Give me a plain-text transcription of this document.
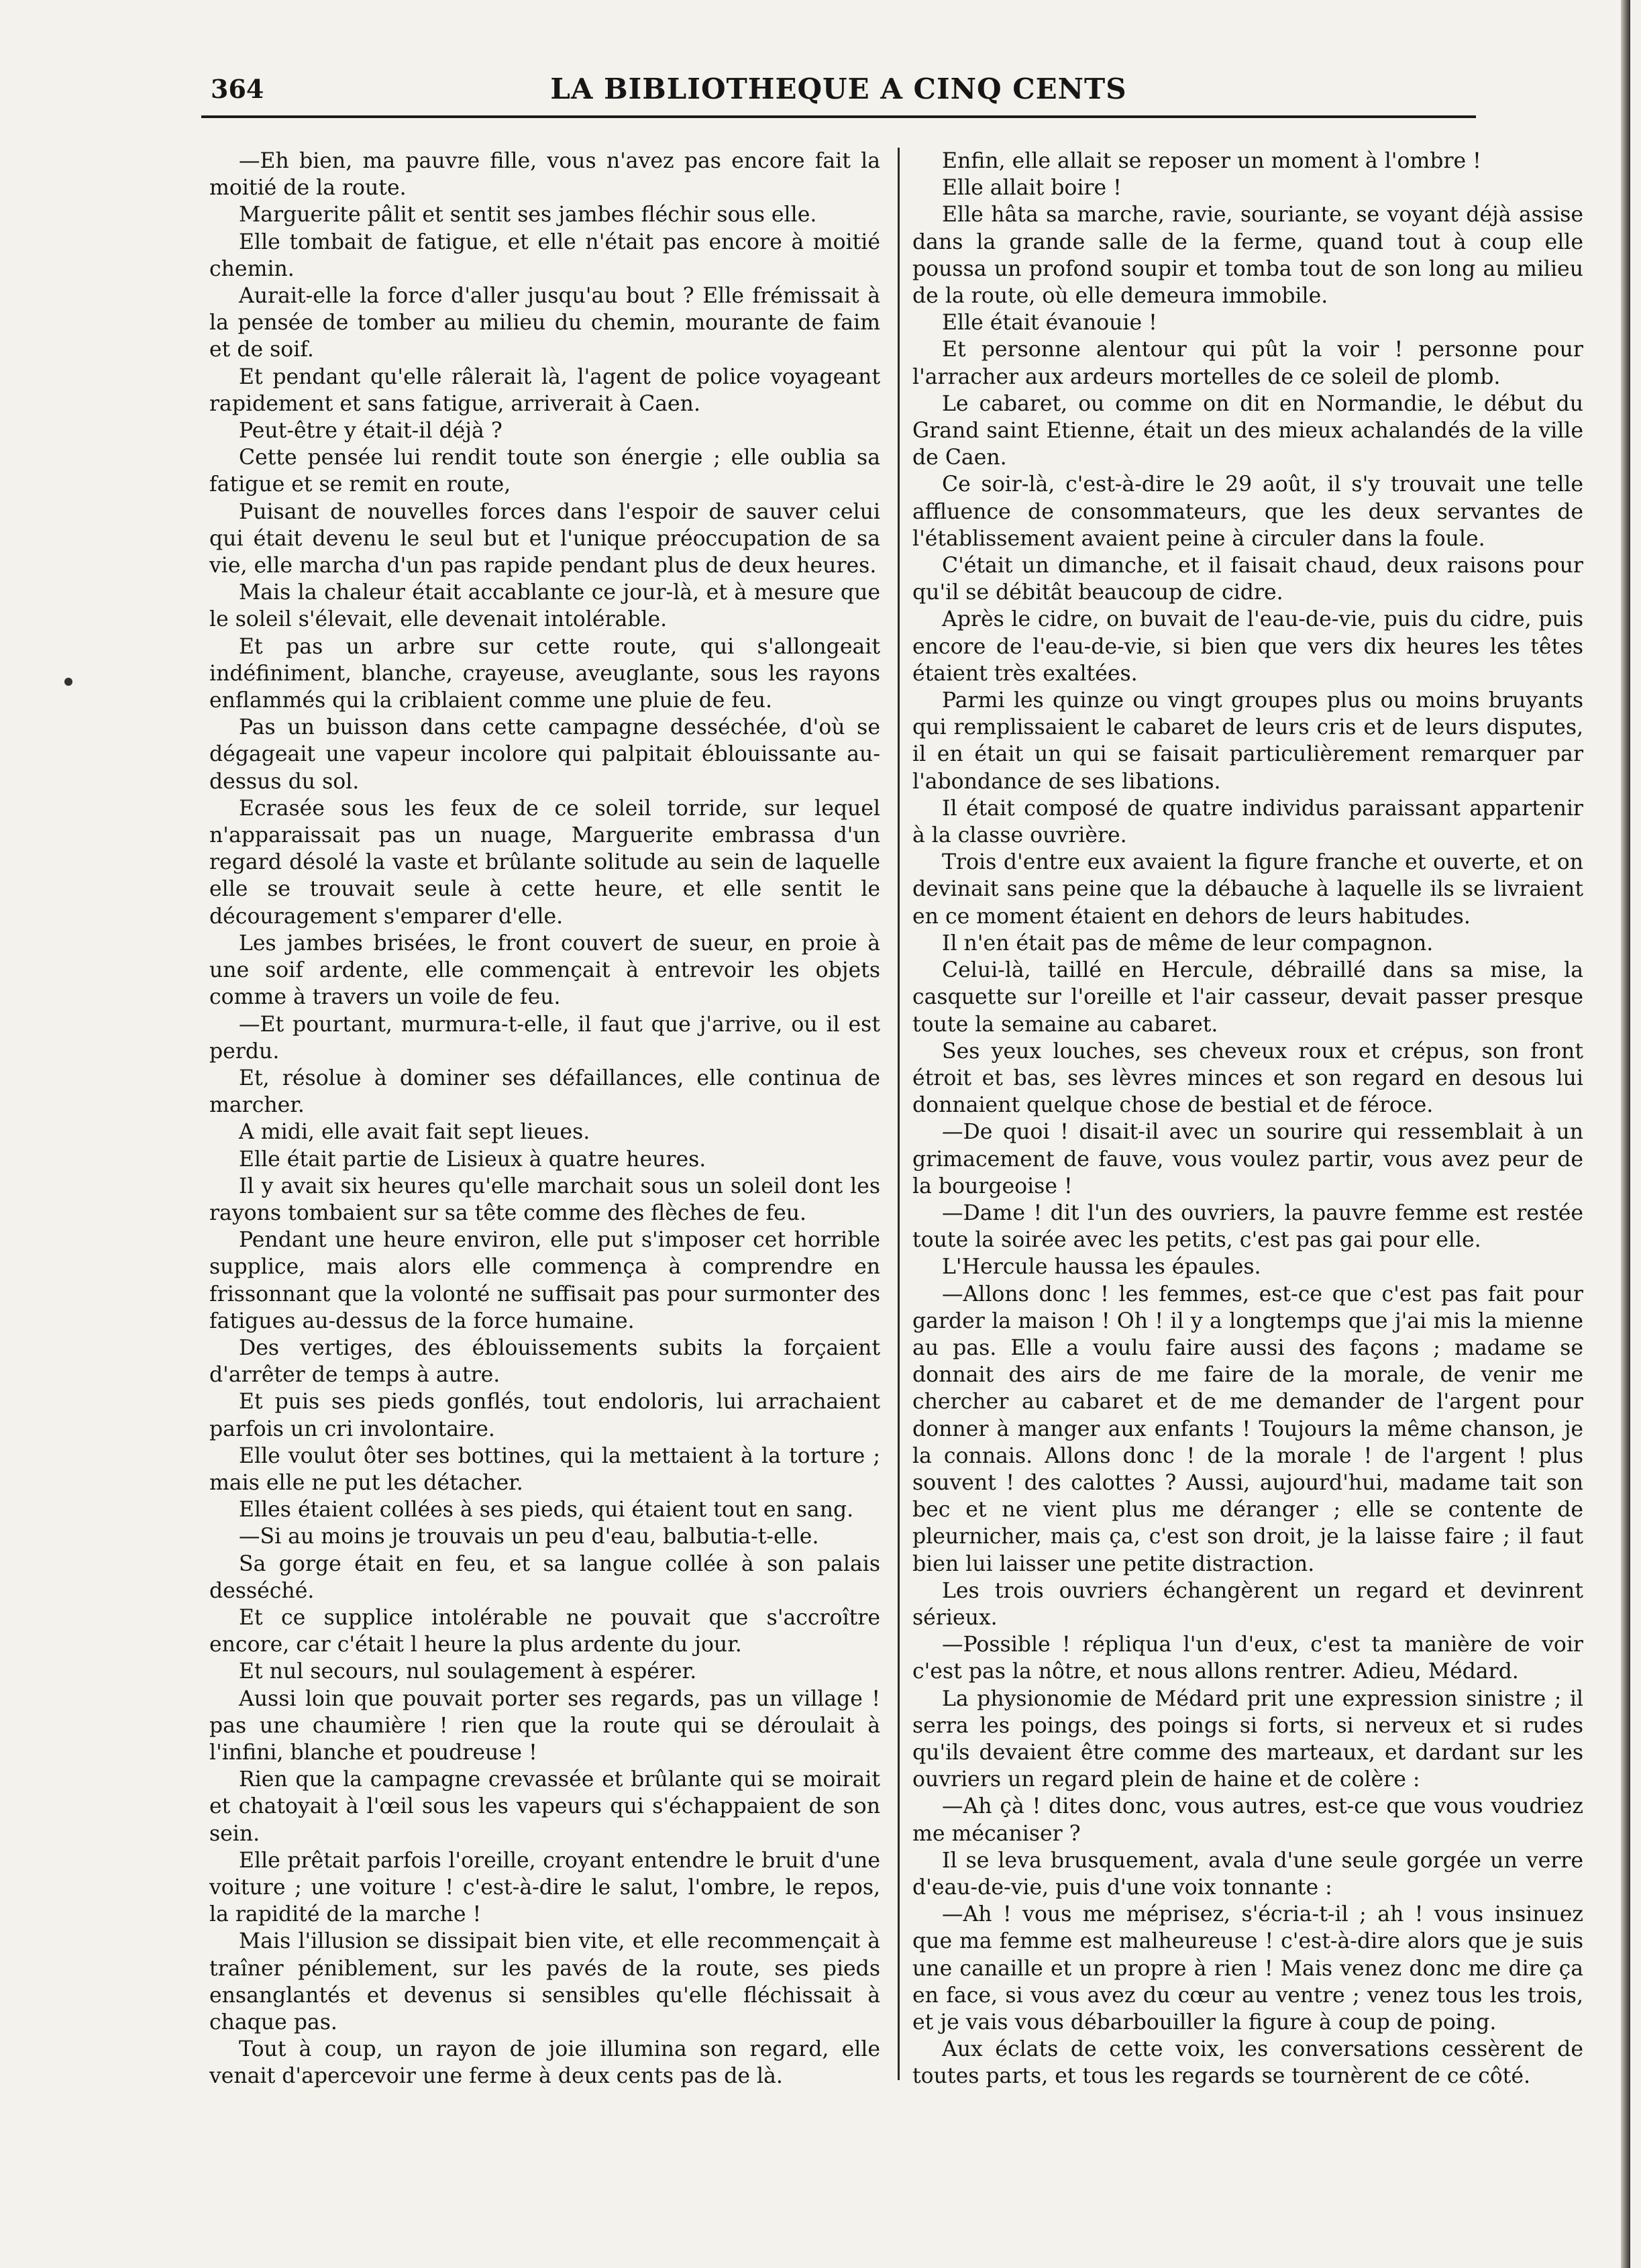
364	LA BIBLIOTHEQUE A CINQ CENTS

—Eh bien, ma pauvre fille, vous n'avez pas encore fait la moitié de la route.

Marguerite pâlit et sentit ses jambes fléchir sous elle.

Elle tombait de fatigue, et elle n'était pas encore à moitié chemin.

Aurait-elle la force d'aller jusqu'au bout ? Elle frémissait à la pensée de tomber au milieu du chemin, mourante de faim et de soif.

Et pendant qu'elle râlerait là, l'agent de police voyageant rapidement et sans fatigue, arriverait à Caen.

Peut-être y était-il déjà ?

Cette pensée lui rendit toute son énergie ; elle oublia sa fatigue et se remit en route,

Puisant de nouvelles forces dans l'espoir de sauver celui qui était devenu le seul but et l'unique préoccupation de sa vie, elle marcha d'un pas rapide pendant plus de deux heures.

Mais la chaleur était accablante ce jour-là, et à mesure que le soleil s'élevait, elle devenait intolérable.

Et pas un arbre sur cette route, qui s'allongeait indéfiniment, blanche, crayeuse, aveuglante, sous les rayons enflammés qui la criblaient comme une pluie de feu.

Pas un buisson dans cette campagne desséchée, d'où se dégageait une vapeur incolore qui palpitait éblouissante au-dessus du sol.

Ecrasée sous les feux de ce soleil torride, sur lequel n'apparaissait pas un nuage, Marguerite embrassa d'un regard désolé la vaste et brûlante solitude au sein de laquelle elle se trouvait seule à cette heure, et elle sentit le découragement s'emparer d'elle.

Les jambes brisées, le front couvert de sueur, en proie à une soif ardente, elle commençait à entrevoir les objets comme à travers un voile de feu.

—Et pourtant, murmura-t-elle, il faut que j'arrive, ou il est perdu.

Et, résolue à dominer ses défaillances, elle continua de marcher.

A midi, elle avait fait sept lieues.

Elle était partie de Lisieux à quatre heures.

Il y avait six heures qu'elle marchait sous un soleil dont les rayons tombaient sur sa tête comme des flèches de feu.

Pendant une heure environ, elle put s'imposer cet horrible supplice, mais alors elle commença à comprendre en frissonnant que la volonté ne suffisait pas pour surmonter des fatigues au-dessus de la force humaine.

Des vertiges, des éblouissements subits la forçaient d'arrêter de temps à autre.

Et puis ses pieds gonflés, tout endoloris, lui arrachaient parfois un cri involontaire.

Elle voulut ôter ses bottines, qui la mettaient à la torture ; mais elle ne put les détacher.

Elles étaient collées à ses pieds, qui étaient tout en sang.

—Si au moins je trouvais un peu d'eau, balbutia-t-elle.

Sa gorge était en feu, et sa langue collée à son palais desséché.

Et ce supplice intolérable ne pouvait que s'accroître encore, car c'était l heure la plus ardente du jour.

Et nul secours, nul soulagement à espérer.

Aussi loin que pouvait porter ses regards, pas un village ! pas une chaumière ! rien que la route qui se déroulait à l'infini, blanche et poudreuse !

Rien que la campagne crevassée et brûlante qui se moirait et chatoyait à l'œil sous les vapeurs qui s'échappaient de son sein.

Elle prêtait parfois l'oreille, croyant entendre le bruit d'une voiture ; une voiture ! c'est-à-dire le salut, l'ombre, le repos, la rapidité de la marche !

Mais l'illusion se dissipait bien vite, et elle recommençait à traîner péniblement, sur les pavés de la route, ses pieds ensanglantés et devenus si sensibles qu'elle fléchissait à chaque pas.

Tout à coup, un rayon de joie illumina son regard, elle venait d'apercevoir une ferme à deux cents pas de là.

Enfin, elle allait se reposer un moment à l'ombre !

Elle allait boire !

Elle hâta sa marche, ravie, souriante, se voyant déjà assise dans la grande salle de la ferme, quand tout à coup elle poussa un profond soupir et tomba tout de son long au milieu de la route, où elle demeura immobile.

Elle était évanouie !

Et personne alentour qui pût la voir ! personne pour l'arracher aux ardeurs mortelles de ce soleil de plomb.

Le cabaret, ou comme on dit en Normandie, le début du Grand saint Etienne, était un des mieux achalandés de la ville de Caen.

Ce soir-là, c'est-à-dire le 29 août, il s'y trouvait une telle affluence de consommateurs, que les deux servantes de l'établissement avaient peine à circuler dans la foule.

C'était un dimanche, et il faisait chaud, deux raisons pour qu'il se débitât beaucoup de cidre.

Après le cidre, on buvait de l'eau-de-vie, puis du cidre, puis encore de l'eau-de-vie, si bien que vers dix heures les têtes étaient très exaltées.

Parmi les quinze ou vingt groupes plus ou moins bruyants qui remplissaient le cabaret de leurs cris et de leurs disputes, il en était un qui se faisait particulièrement remarquer par l'abondance de ses libations.

Il était composé de quatre individus paraissant appartenir à la classe ouvrière.

Trois d'entre eux avaient la figure franche et ouverte, et on devinait sans peine que la débauche à laquelle ils se livraient en ce moment étaient en dehors de leurs habitudes.

Il n'en était pas de même de leur compagnon.

Celui-là, taillé en Hercule, débraillé dans sa mise, la casquette sur l'oreille et l'air casseur, devait passer presque toute la semaine au cabaret.

Ses yeux louches, ses cheveux roux et crépus, son front étroit et bas, ses lèvres minces et son regard en desous lui donnaient quelque chose de bestial et de féroce.

—De quoi ! disait-il avec un sourire qui ressemblait à un grimacement de fauve, vous voulez partir, vous avez peur de la bourgeoise !

—Dame ! dit l'un des ouvriers, la pauvre femme est restée toute la soirée avec les petits, c'est pas gai pour elle.

L'Hercule haussa les épaules.

—Allons donc ! les femmes, est-ce que c'est pas fait pour garder la maison ! Oh ! il y a longtemps que j'ai mis la mienne au pas. Elle a voulu faire aussi des façons ; madame se donnait des airs de me faire de la morale, de venir me chercher au cabaret et de me demander de l'argent pour donner à manger aux enfants ! Toujours la même chanson, je la connais. Allons donc ! de la morale ! de l'argent ! plus souvent ! des calottes ? Aussi, aujourd'hui, madame tait son bec et ne vient plus me déranger ; elle se contente de pleurnicher, mais ça, c'est son droit, je la laisse faire ; il faut bien lui laisser une petite distraction.

Les trois ouvriers échangèrent un regard et devinrent sérieux.

—Possible ! répliqua l'un d'eux, c'est ta manière de voir c'est pas la nôtre, et nous allons rentrer. Adieu, Médard.

La physionomie de Médard prit une expression sinistre ; il serra les poings, des poings si forts, si nerveux et si rudes qu'ils devaient être comme des marteaux, et dardant sur les ouvriers un regard plein de haine et de colère :

—Ah çà ! dites donc, vous autres, est-ce que vous voudriez me mécaniser ?

Il se leva brusquement, avala d'une seule gorgée un verre d'eau-de-vie, puis d'une voix tonnante :

—Ah ! vous me méprisez, s'écria-t-il ; ah ! vous insinuez que ma femme est malheureuse ! c'est-à-dire alors que je suis une canaille et un propre à rien ! Mais venez donc me dire ça en face, si vous avez du cœur au ventre ; venez tous les trois, et je vais vous débarbouiller la figure à coup de poing.

Aux éclats de cette voix, les conversations cessèrent de toutes parts, et tous les regards se tournèrent de ce côté.
